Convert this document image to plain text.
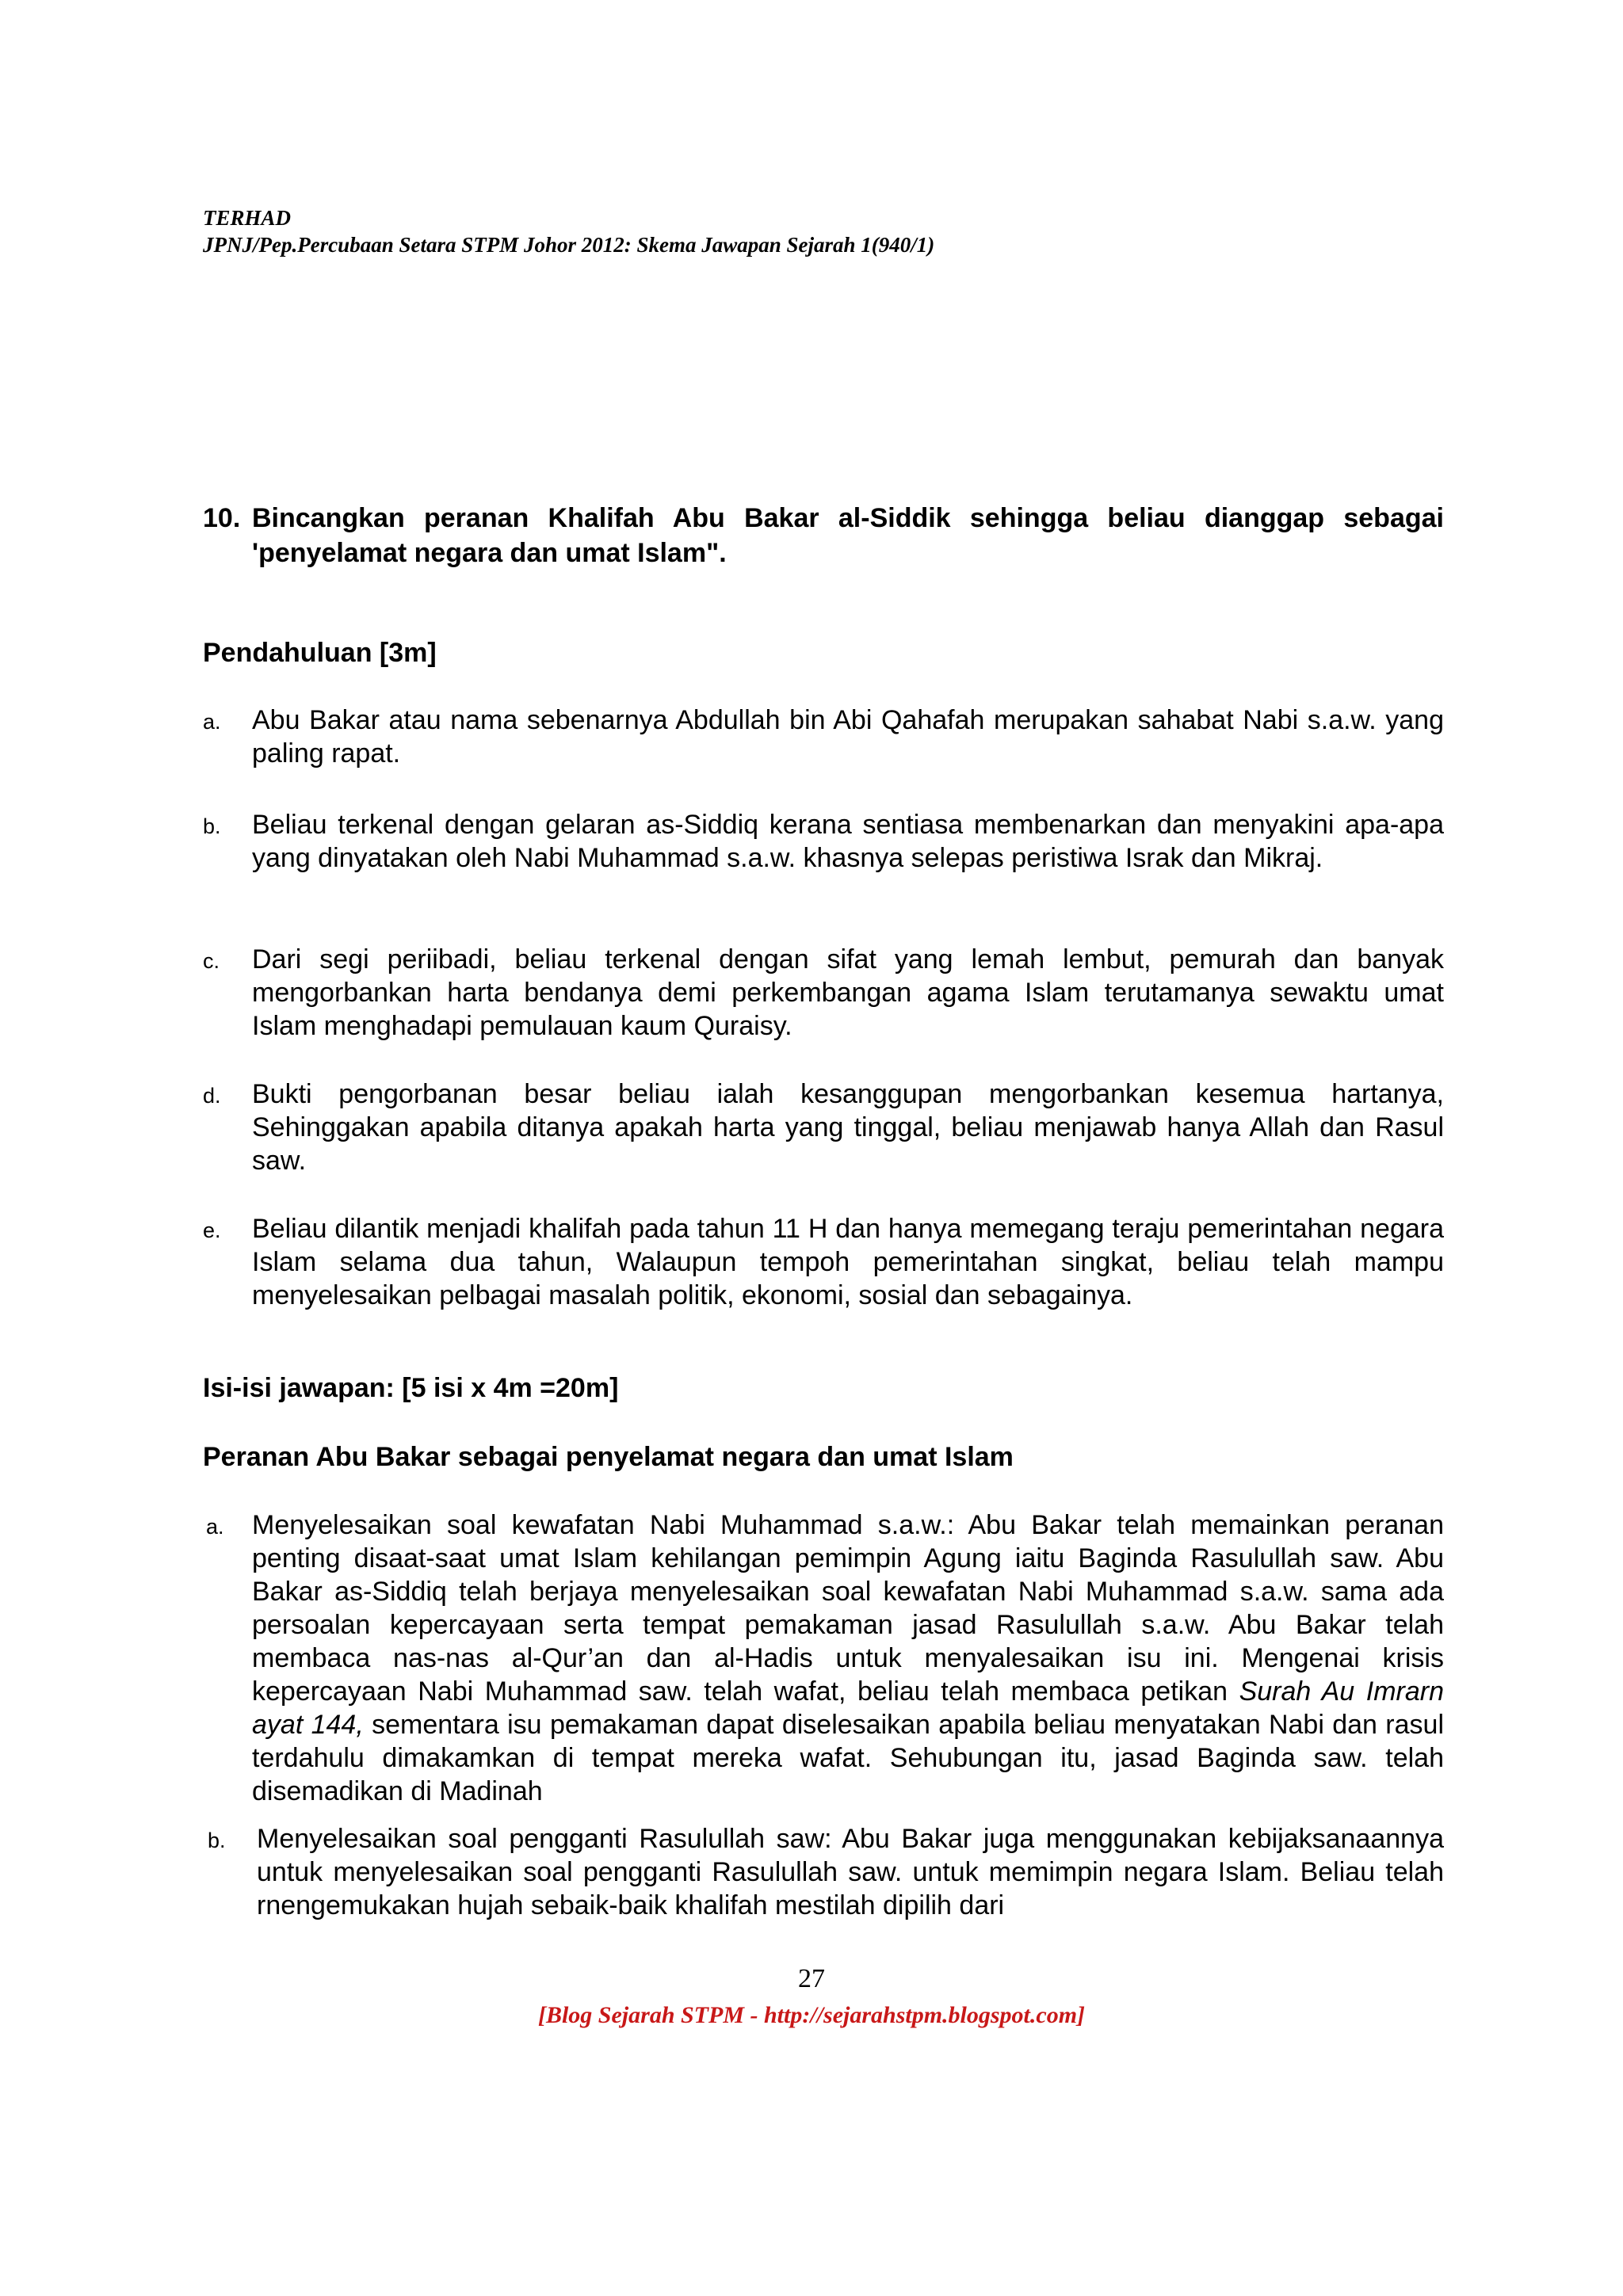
TERHAD
JPNJ/Pep.Percubaan Setara STPM Johor 2012: Skema Jawapan Sejarah 1(940/1)
10. Bincangkan peranan Khalifah Abu Bakar al-Siddik sehingga beliau dianggap sebagai 'penyelamat negara dan umat Islam".
Pendahuluan [3m]
a. Abu Bakar atau nama sebenarnya Abdullah bin Abi Qahafah merupakan sahabat Nabi s.a.w. yang paling rapat.
b. Beliau terkenal dengan gelaran as-Siddiq kerana sentiasa membenarkan dan menyakini apa-apa yang dinyatakan oleh Nabi Muhammad s.a.w. khasnya selepas peristiwa Israk dan Mikraj.
c. Dari segi periibadi, beliau terkenal dengan sifat yang lemah lembut, pemurah dan banyak mengorbankan harta bendanya demi perkembangan agama Islam terutamanya sewaktu umat Islam menghadapi pemulauan kaum Quraisy.
d. Bukti pengorbanan besar beliau ialah kesanggupan mengorbankan kesemua hartanya, Sehinggakan apabila ditanya apakah harta yang tinggal, beliau menjawab hanya Allah dan Rasul saw.
e. Beliau dilantik menjadi khalifah pada tahun 11 H dan hanya memegang teraju pemerintahan negara Islam selama dua tahun, Walaupun tempoh pemerintahan singkat, beliau telah mampu menyelesaikan pelbagai masalah politik, ekonomi, sosial dan sebagainya.
Isi-isi jawapan: [5 isi x 4m =20m]
Peranan Abu Bakar sebagai penyelamat negara dan umat Islam
a. Menyelesaikan soal kewafatan Nabi Muhammad s.a.w.: Abu Bakar telah memainkan peranan penting disaat-saat umat Islam kehilangan pemimpin Agung iaitu Baginda Rasulullah saw. Abu Bakar as-Siddiq telah berjaya menyelesaikan soal kewafatan Nabi Muhammad s.a.w. sama ada persoalan kepercayaan serta tempat pemakaman jasad Rasulullah s.a.w. Abu Bakar telah membaca nas-nas al-Qur’an dan al-Hadis untuk menyalesaikan isu ini. Mengenai krisis kepercayaan Nabi Muhammad saw. telah wafat, beliau telah membaca petikan Surah Au Imrarn ayat 144, sementara isu pemakaman dapat diselesaikan apabila beliau menyatakan Nabi dan rasul terdahulu dimakamkan di tempat mereka wafat. Sehubungan itu, jasad Baginda saw. telah disemadikan di Madinah
b. Menyelesaikan soal pengganti Rasulullah saw: Abu Bakar juga menggunakan kebijaksanaannya untuk menyelesaikan soal pengganti Rasulullah saw. untuk memimpin negara Islam. Beliau telah rnengemukakan hujah sebaik-baik khalifah mestilah dipilih dari
27
[Blog Sejarah STPM - http://sejarahstpm.blogspot.com]
